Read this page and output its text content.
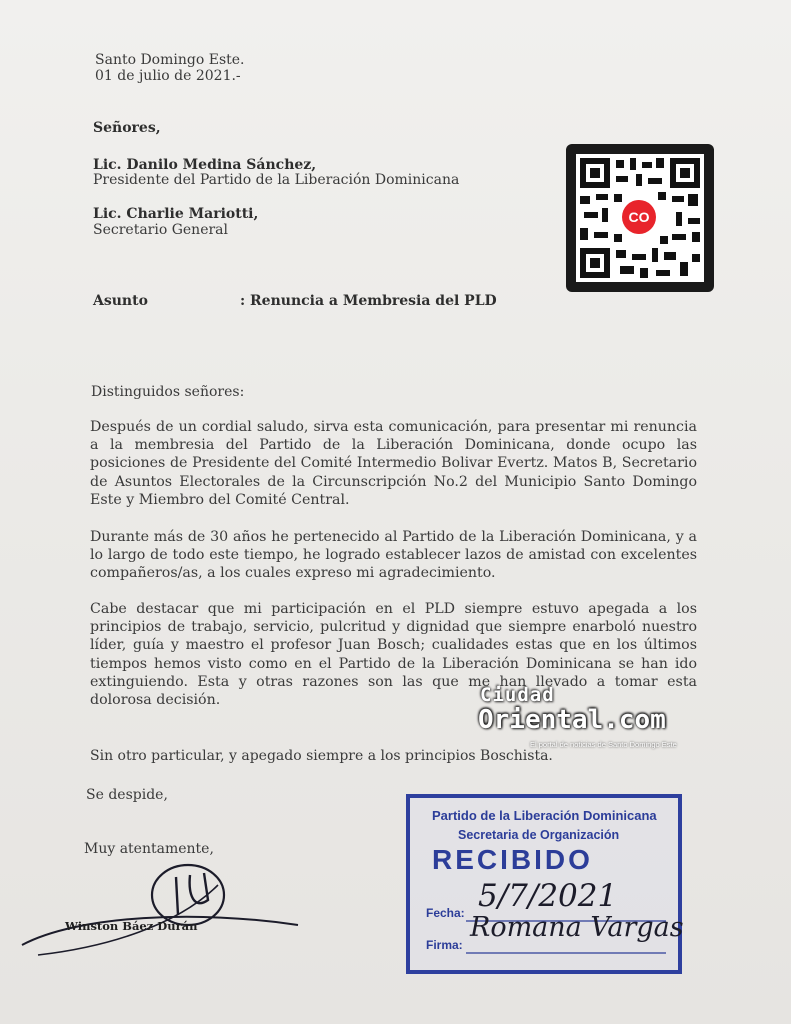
Santo Domingo Este.
01 de julio de 2021.-
Señores,
Lic. Danilo Medina Sánchez,
Presidente del Partido de la Liberación Dominicana
Lic. Charlie Mariotti,
Secretario General
Asunto	: Renuncia a Membresia del PLD
Distinguidos señores:
Después de un cordial saludo, sirva esta comunicación, para presentar mi renuncia a la membresia del Partido de la Liberación Dominicana, donde ocupo las posiciones de Presidente del Comité Intermedio Bolivar Evertz. Matos B, Secretario de Asuntos Electorales de la Circunscripción No.2 del Municipio Santo Domingo Este y Miembro del Comité Central.
Durante más de 30 años he pertenecido al Partido de la Liberación Dominicana, y a lo largo de todo este tiempo, he logrado establecer lazos de amistad con excelentes compañeros/as, a los cuales expreso mi agradecimiento.
Cabe destacar que mi participación en el PLD siempre estuvo apegada a los principios de trabajo, servicio, pulcritud y dignidad que siempre enarboló nuestro líder, guía y maestro el profesor Juan Bosch; cualidades estas que en los últimos tiempos hemos visto como en el Partido de la Liberación Dominicana se han ido extinguiendo. Esta y otras razones son las que me han llevado a tomar esta dolorosa decisión.
Sin otro particular, y apegado siempre a los principios Boschista.
Se despide,
Muy atentamente,
Winston Báez Durán
CO
Ciudad
Oriental.com
El portal de noticias de Santo Domingo Este
Partido de la Liberación Dominicana
Secretaria de Organización
RECIBIDO
Fecha:
Firma:
5/7/2021
Romana Vargas
